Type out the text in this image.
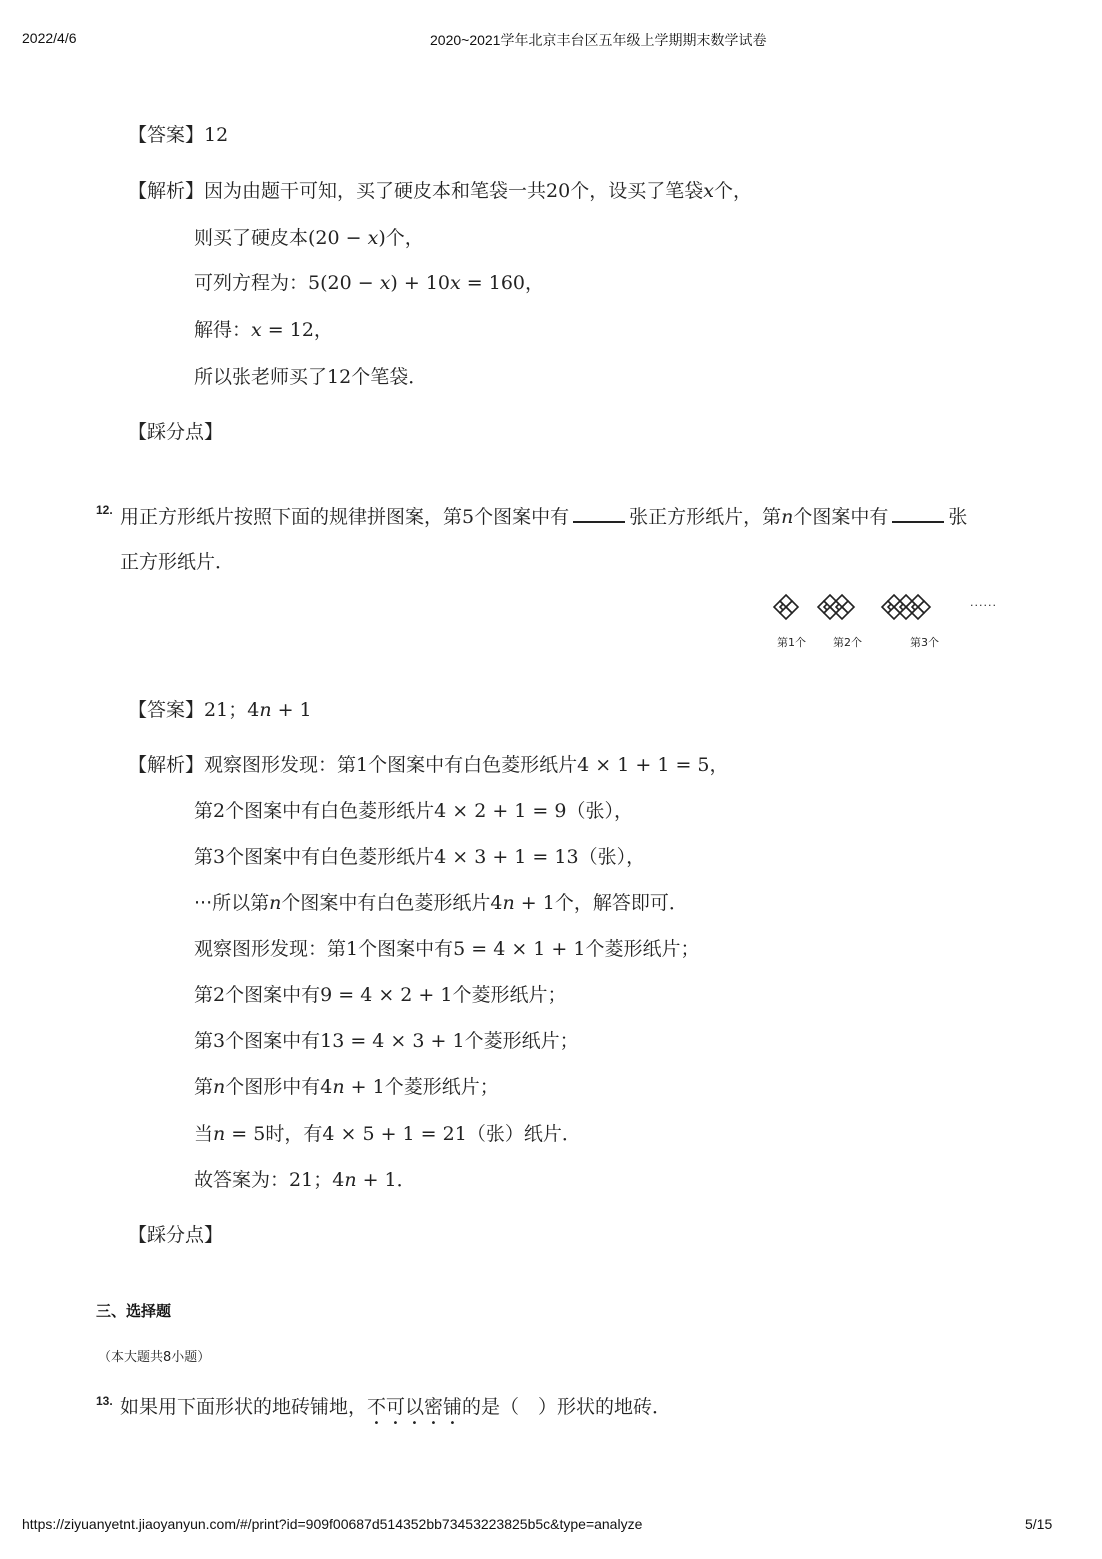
2022/4/6	2020~2021学年北京丰台区五年级上学期期末数学试卷
【答案】12
【解析】因为由题干可知，买了硬皮本和笔袋一共20个，设买了笔袋x个，
则买了硬皮本(20 − x)个，
可列方程为：5(20 − x) + 10x = 160，
解得：x = 12，
所以张老师买了12个笔袋．
【踩分点】
12. 用正方形纸片按照下面的规律拼图案，第5个图案中有	张正方形纸片，第n个图案中有	张
正方形纸片．
第1个 第2个	第3个
······
【答案】21；4n + 1
【解析】观察图形发现：第1个图案中有白色菱形纸片4 × 1 + 1 = 5，
第2个图案中有白色菱形纸片4 × 2 + 1 = 9（张），
第3个图案中有白色菱形纸片4 × 3 + 1 = 13（张），
···所以第n个图案中有白色菱形纸片4n + 1个，解答即可．
观察图形发现：第1个图案中有5 = 4 × 1 + 1个菱形纸片；
第2个图案中有9 = 4 × 2 + 1个菱形纸片；
第3个图案中有13 = 4 × 3 + 1个菱形纸片；
第n个图形中有4n + 1个菱形纸片；
当n = 5时，有4 × 5 + 1 = 21（张）纸片．
故答案为：21；4n + 1．
【踩分点】
三、选择题
（本大题共8小题）
13. 如果用下面形状的地砖铺地，不可以密铺的是（　）形状的地砖．
https://ziyuanyetnt.jiaoyanyun.com/#/print?id=909f00687d514352bb73453223825b5c&type=analyze	5/15
